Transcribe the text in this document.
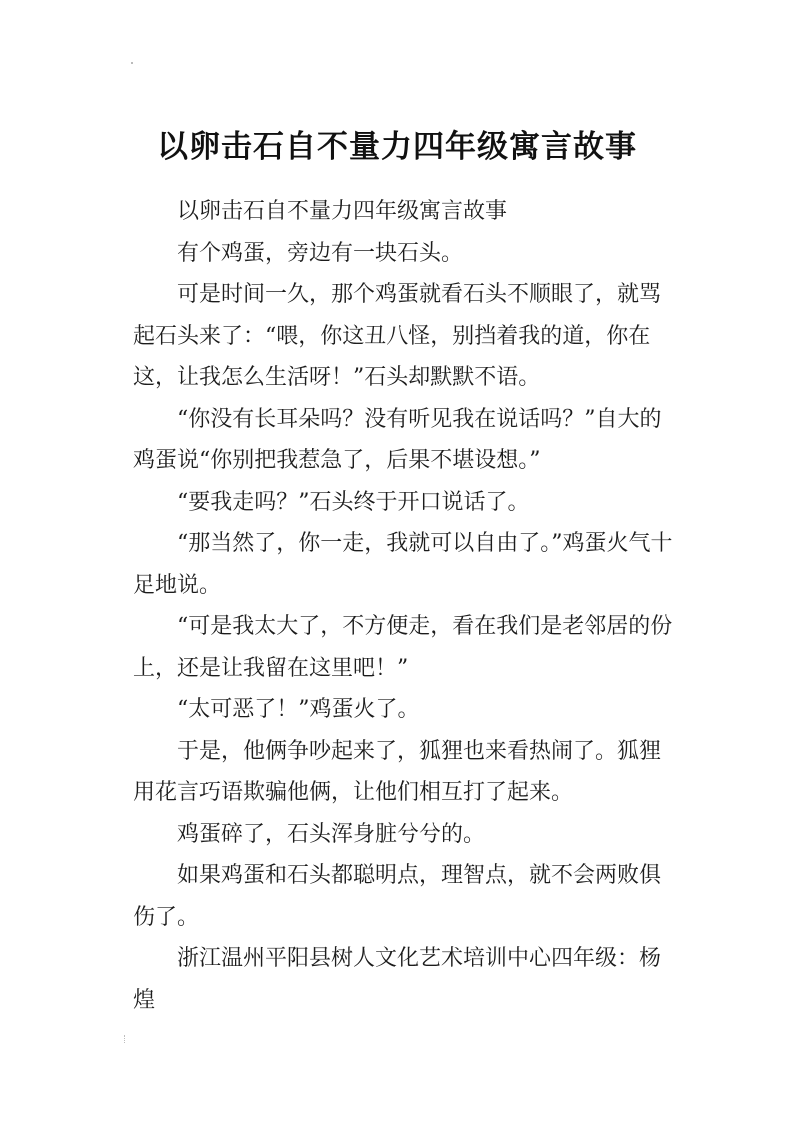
以卵击石自不量力四年级寓言故事

以卵击石自不量力四年级寓言故事

有个鸡蛋，旁边有一块石头。

可是时间一久，那个鸡蛋就看石头不顺眼了，就骂起石头来了：“喂，你这丑八怪，别挡着我的道，你在这，让我怎么生活呀！”石头却默默不语。

“你没有长耳朵吗？没有听见我在说话吗？”自大的鸡蛋说“你别把我惹急了，后果不堪设想。”

“要我走吗？”石头终于开口说话了。

“那当然了，你一走，我就可以自由了。”鸡蛋火气十足地说。

“可是我太大了，不方便走，看在我们是老邻居的份上，还是让我留在这里吧！”

“太可恶了！”鸡蛋火了。

于是，他俩争吵起来了，狐狸也来看热闹了。狐狸用花言巧语欺骗他俩，让他们相互打了起来。

鸡蛋碎了，石头浑身脏兮兮的。

如果鸡蛋和石头都聪明点，理智点，就不会两败俱伤了。

浙江温州平阳县树人文化艺术培训中心四年级：杨煌
